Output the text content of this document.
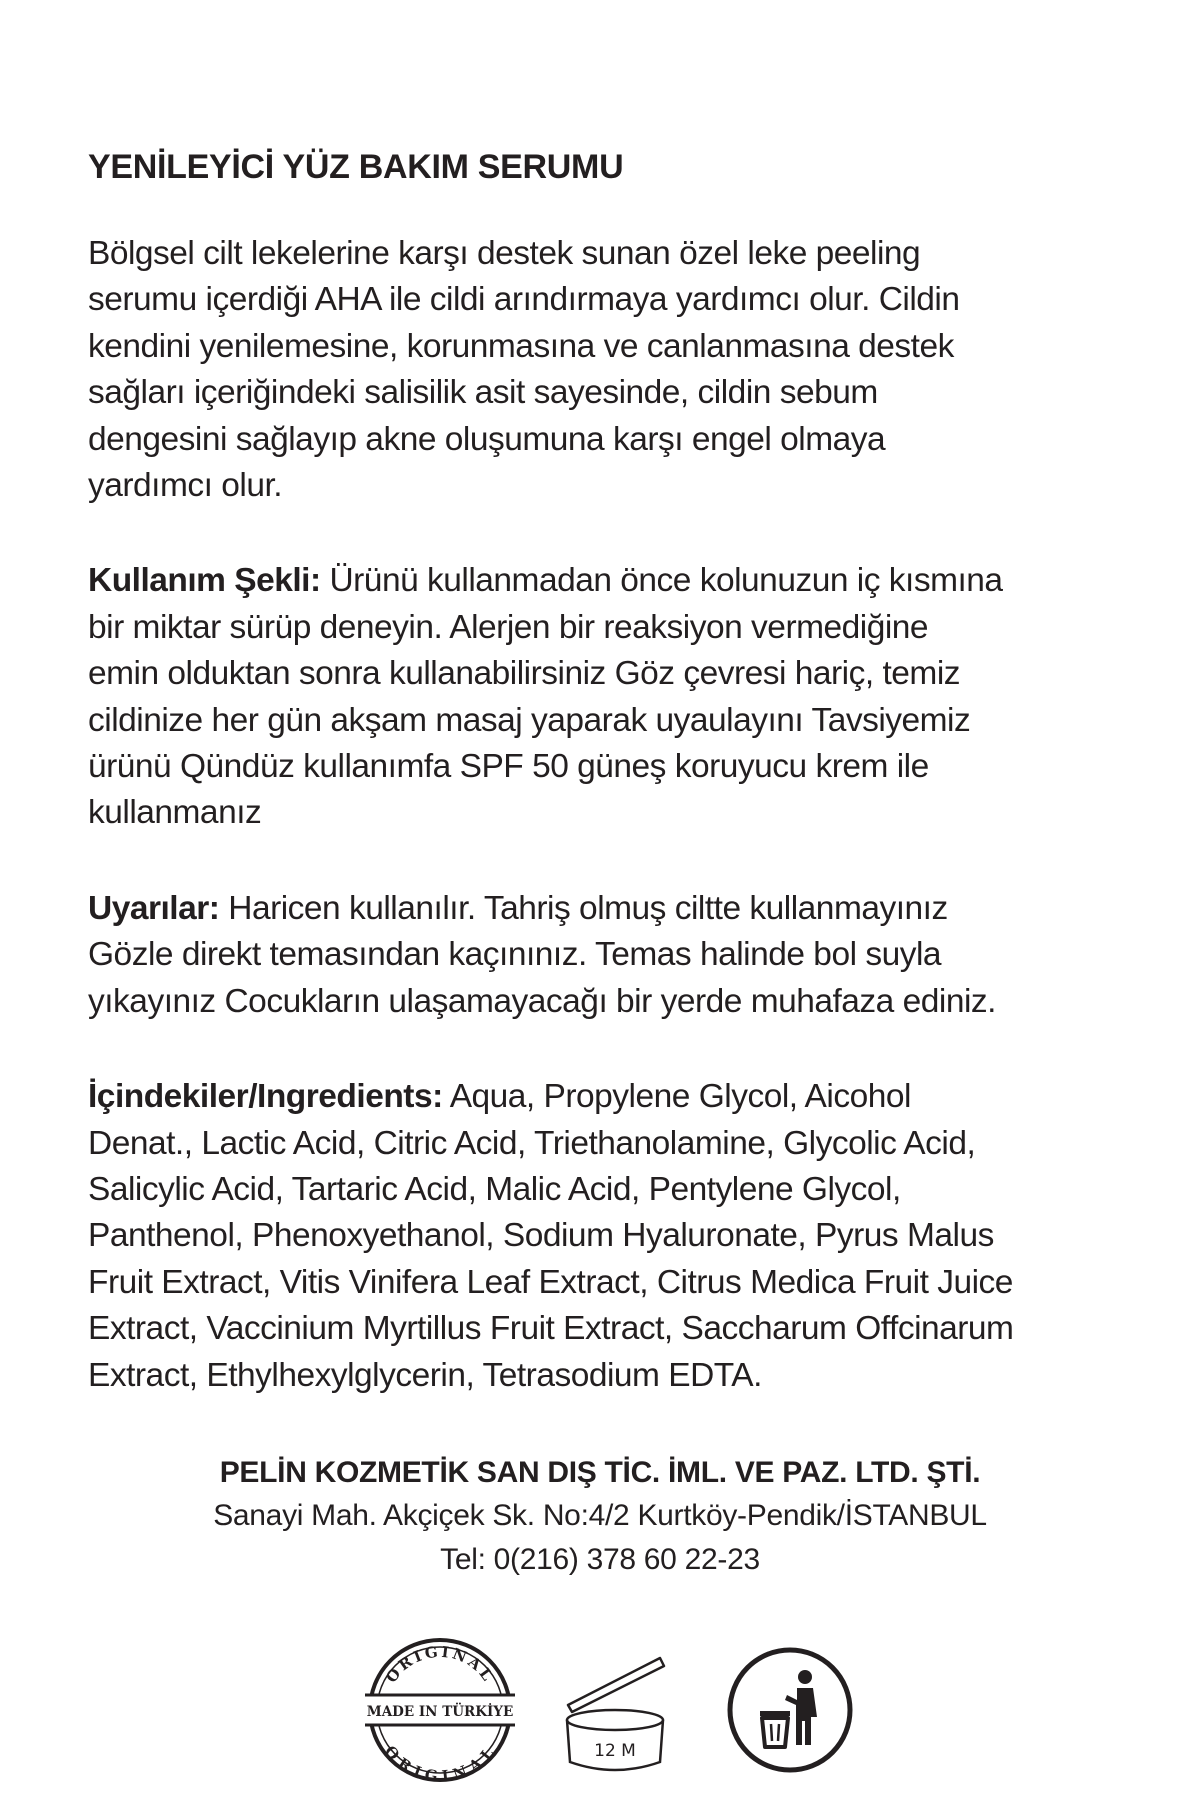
YENİLEYİCİ YÜZ BAKIM SERUMU
Bölgsel cilt lekelerine karşı destek sunan özel leke peeling
serumu içerdiği AHA ile cildi arındırmaya yardımcı olur. Cildin
kendini yenilemesine, korunmasına ve canlanmasına destek
sağları içeriğindeki salisilik asit sayesinde, cildin sebum
dengesini sağlayıp akne oluşumuna karşı engel olmaya
yardımcı olur.
Kullanım Şekli: Ürünü kullanmadan önce kolunuzun iç kısmına
bir miktar sürüp deneyin. Alerjen bir reaksiyon vermediğine
emin olduktan sonra kullanabilirsiniz Göz çevresi hariç, temiz
cildinize her gün akşam masaj yaparak uyaulayını Tavsiyemiz
ürünü Qündüz kullanımfa SPF 50 güneş koruyucu krem ile
kullanmanız
Uyarılar: Haricen kullanılır. Tahriş olmuş ciltte kullanmayınız
Gözle direkt temasından kaçınınız. Temas halinde bol suyla
yıkayınız Cocukların ulaşamayacağı bir yerde muhafaza ediniz.
İçindekiler/Ingredients: Aqua, Propylene Glycol, Aicohol
Denat., Lactic Acid, Citric Acid, Triethanolamine, Glycolic Acid,
Salicylic Acid, Tartaric Acid, Malic Acid, Pentylene Glycol,
Panthenol, Phenoxyethanol, Sodium Hyaluronate, Pyrus Malus
Fruit Extract, Vitis Vinifera Leaf Extract, Citrus Medica Fruit Juice
Extract, Vaccinium Myrtillus Fruit Extract, Saccharum Offcinarum
Extract, Ethylhexylglycerin, Tetrasodium EDTA.
PELİN KOZMETİK SAN DIŞ TİC. İML. VE PAZ. LTD. ŞTİ.
Sanayi Mah. Akçiçek Sk. No:4/2 Kurtköy-Pendik/İSTANBUL
Tel: 0(216) 378 60 22-23
ORIGINAL
ORIGINAL
MADE IN TÜRKİYE
12 M
